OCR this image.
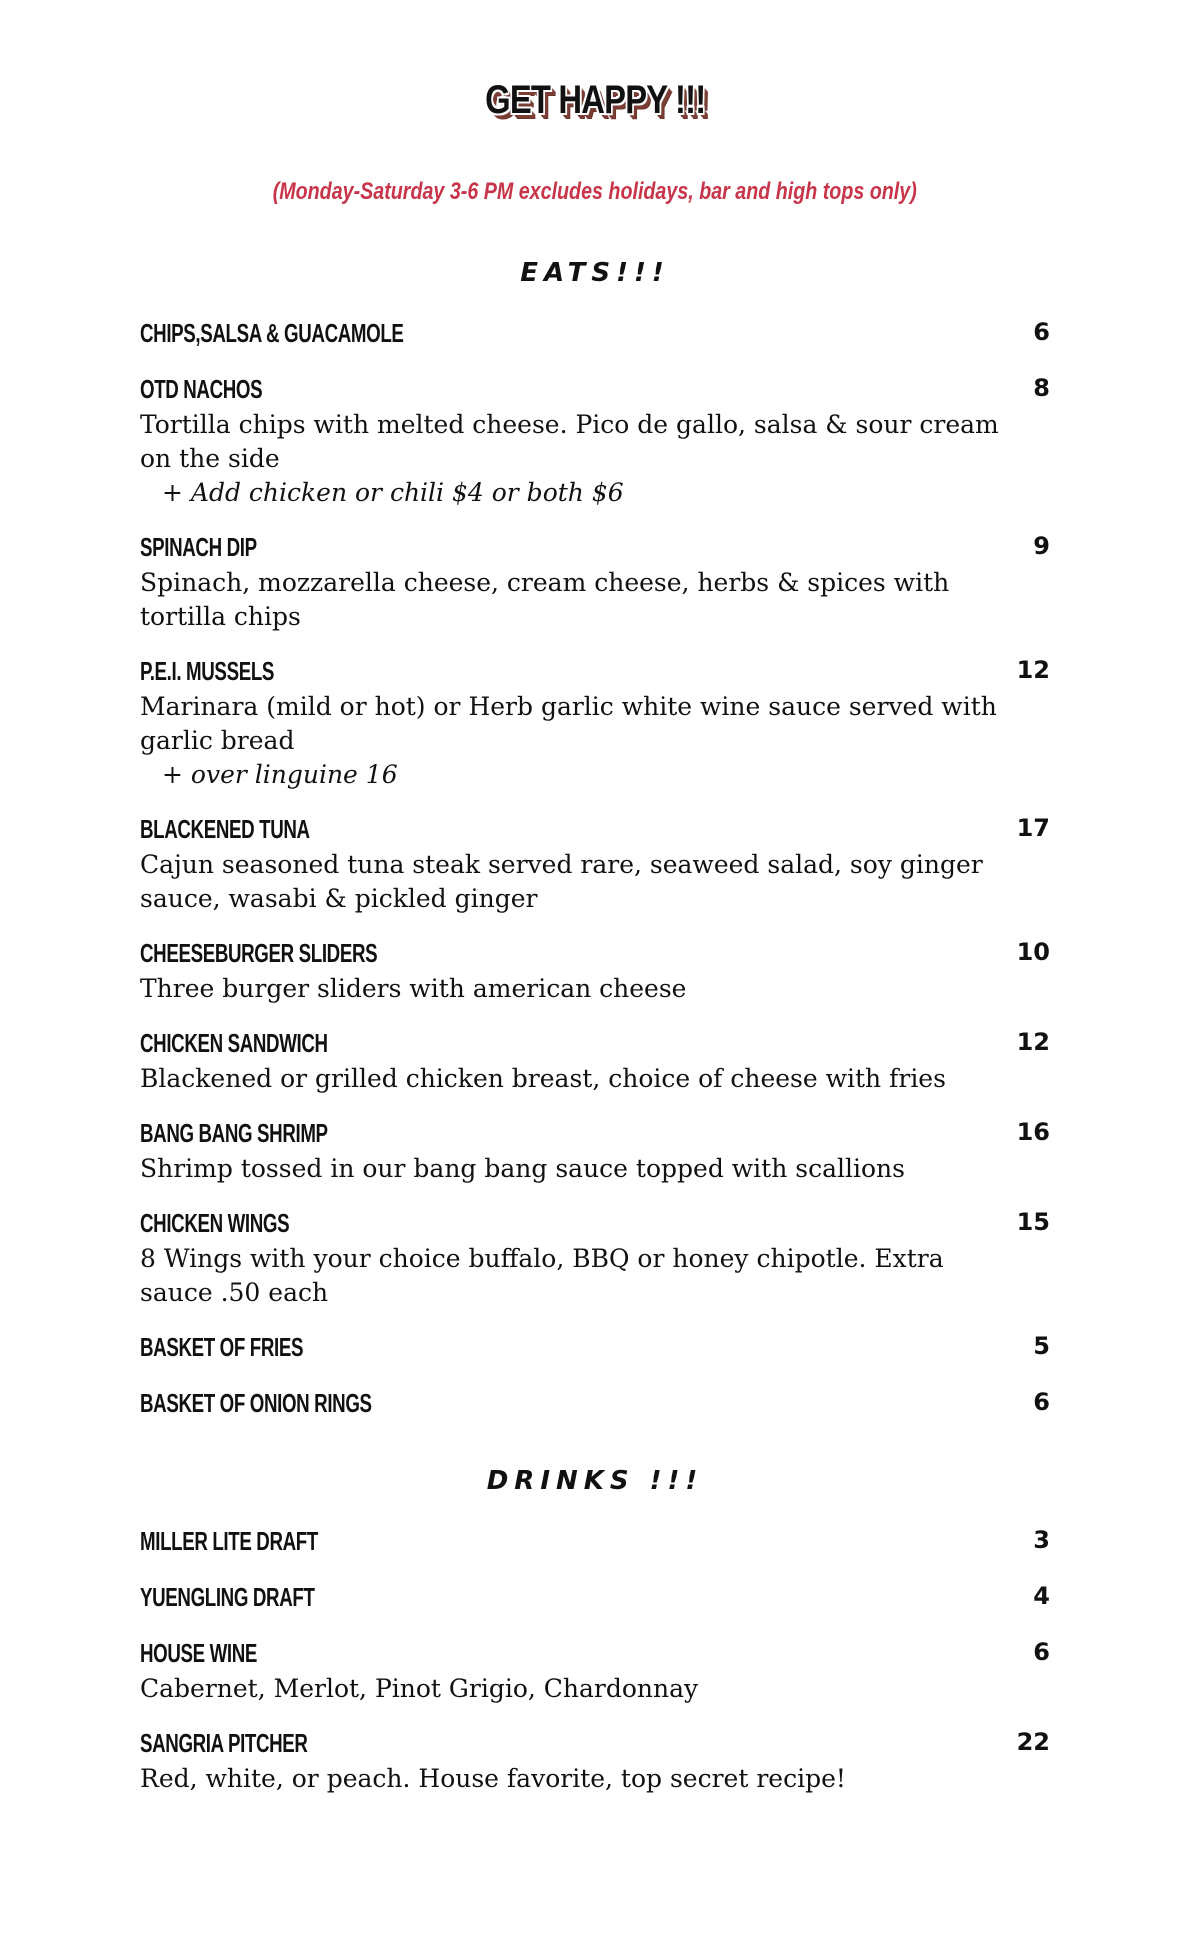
GET HAPPY !!!
(Monday-Saturday 3-6 PM excludes holidays, bar and high tops only)
EATS!!!
CHIPS,SALSA & GUACAMOLE	6
OTD NACHOS	8
Tortilla chips with melted cheese. Pico de gallo, salsa & sour cream on the side
+ Add chicken or chili $4 or both $6
SPINACH DIP	9
Spinach, mozzarella cheese, cream cheese, herbs & spices with tortilla chips
P.E.I. MUSSELS	12
Marinara (mild or hot) or Herb garlic white wine sauce served with garlic bread
+ over linguine 16
BLACKENED TUNA	17
Cajun seasoned tuna steak served rare, seaweed salad, soy ginger sauce, wasabi & pickled ginger
CHEESEBURGER SLIDERS	10
Three burger sliders with american cheese
CHICKEN SANDWICH	12
Blackened or grilled chicken breast, choice of cheese with fries
BANG BANG SHRIMP	16
Shrimp tossed in our bang bang sauce topped with scallions
CHICKEN WINGS	15
8 Wings with your choice buffalo, BBQ or honey chipotle. Extra sauce .50 each
BASKET OF FRIES	5
BASKET OF ONION RINGS	6
DRINKS !!!
MILLER LITE DRAFT	3
YUENGLING DRAFT	4
HOUSE WINE	6
Cabernet, Merlot, Pinot Grigio, Chardonnay
SANGRIA PITCHER	22
Red, white, or peach. House favorite, top secret recipe!
